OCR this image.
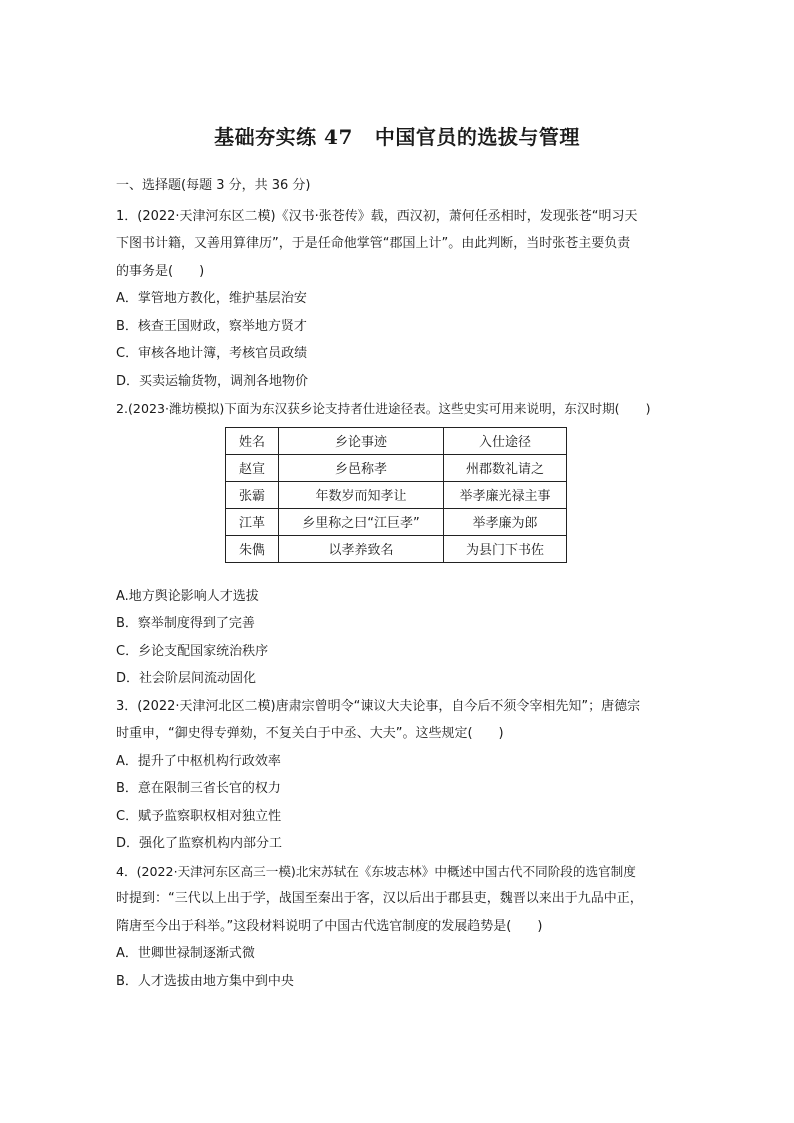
基础夯实练 47 中国官员的选拔与管理
一、选择题(每题 3 分，共 36 分)
1．(2022·天津河东区二模)《汉书·张苍传》载，西汉初，萧何任丞相时，发现张苍“明习天
下图书计籍，又善用算律历”，于是任命他掌管“郡国上计”。由此判断，当时张苍主要负责
的事务是( )
A．掌管地方教化，维护基层治安
B．核查王国财政，察举地方贤才
C．审核各地计簿，考核官员政绩
D．买卖运输货物，调剂各地物价
2.(2023·潍坊模拟)下面为东汉获乡论支持者仕进途径表。这些史实可用来说明，东汉时期( )
姓名	乡论事迹	入仕途径
赵宣	乡邑称孝	州郡数礼请之
张霸	年数岁而知孝让	举孝廉光禄主事
江革	乡里称之曰“江巨孝”	举孝廉为郎
朱儁	以孝养致名	为县门下书佐
A.地方舆论影响人才选拔
B．察举制度得到了完善
C．乡论支配国家统治秩序
D．社会阶层间流动固化
3．(2022·天津河北区二模)唐肃宗曾明令“谏议大夫论事，自今后不须令宰相先知”；唐德宗
时重申，“御史得专弹劾，不复关白于中丞、大夫”。这些规定( )
A．提升了中枢机构行政效率
B．意在限制三省长官的权力
C．赋予监察职权相对独立性
D．强化了监察机构内部分工
4．(2022·天津河东区高三一模)北宋苏轼在《东坡志林》中概述中国古代不同阶段的选官制度
时提到：“三代以上出于学，战国至秦出于客，汉以后出于郡县吏，魏晋以来出于九品中正，
隋唐至今出于科举。”这段材料说明了中国古代选官制度的发展趋势是( )
A．世卿世禄制逐渐式微
B．人才选拔由地方集中到中央
